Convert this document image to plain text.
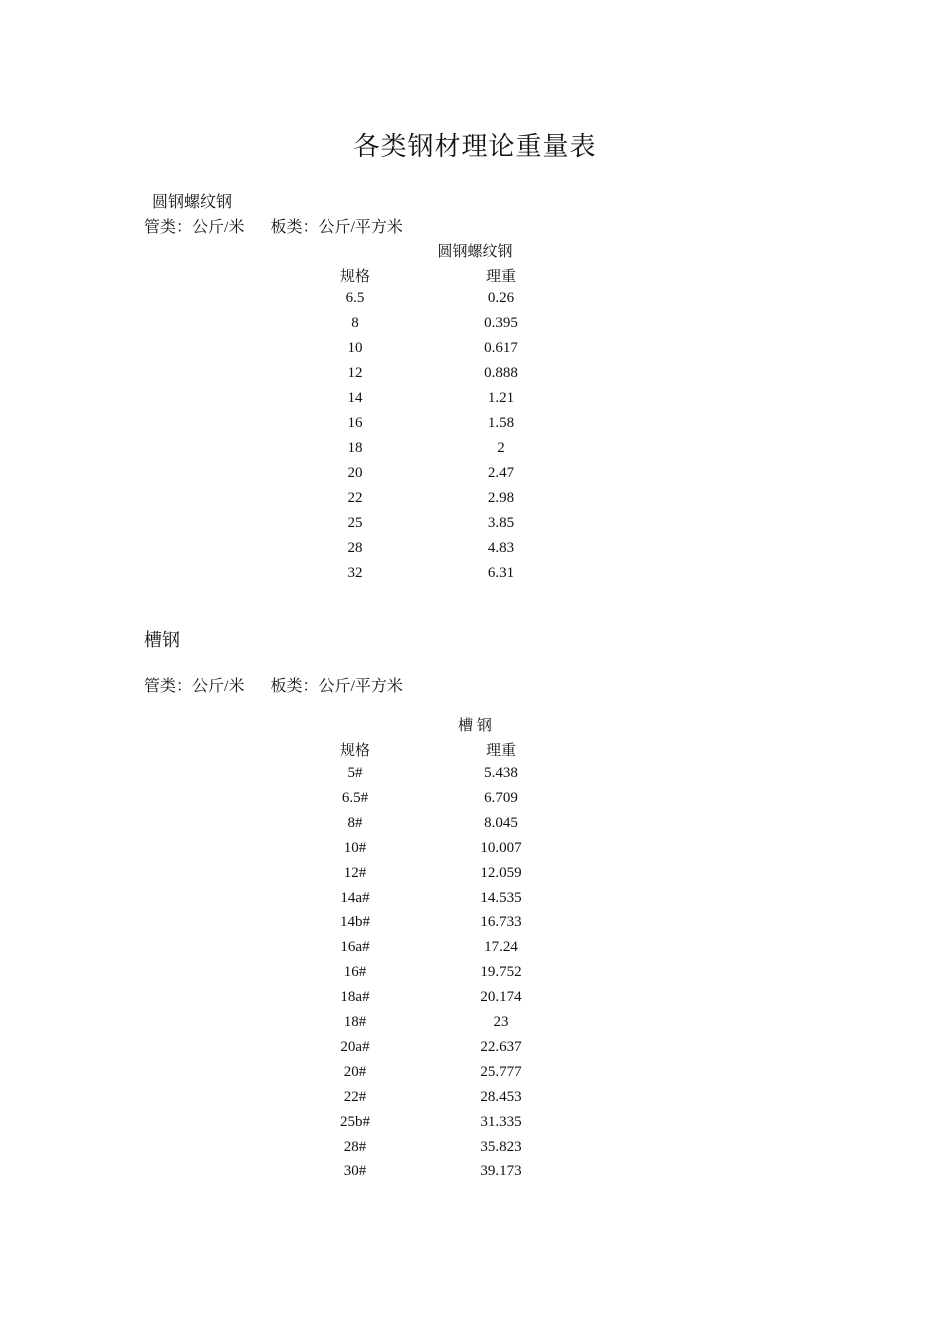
各类钢材理论重量表
圆钢螺纹钢
管类：公斤/米 板类：公斤/平方米
圆钢螺纹钢
规格	理重
6.5	0.26
8	0.395
10	0.617
12	0.888
14	1.21
16	1.58
18	2
20	2.47
22	2.98
25	3.85
28	4.83
32	6.31
槽钢
管类：公斤/米 板类：公斤/平方米
槽 钢
规格	理重
5#	5.438
6.5#	6.709
8#	8.045
10#	10.007
12#	12.059
14a#	14.535
14b#	16.733
16a#	17.24
16#	19.752
18a#	20.174
18#	23
20a#	22.637
20#	25.777
22#	28.453
25b#	31.335
28#	35.823
30#	39.173
